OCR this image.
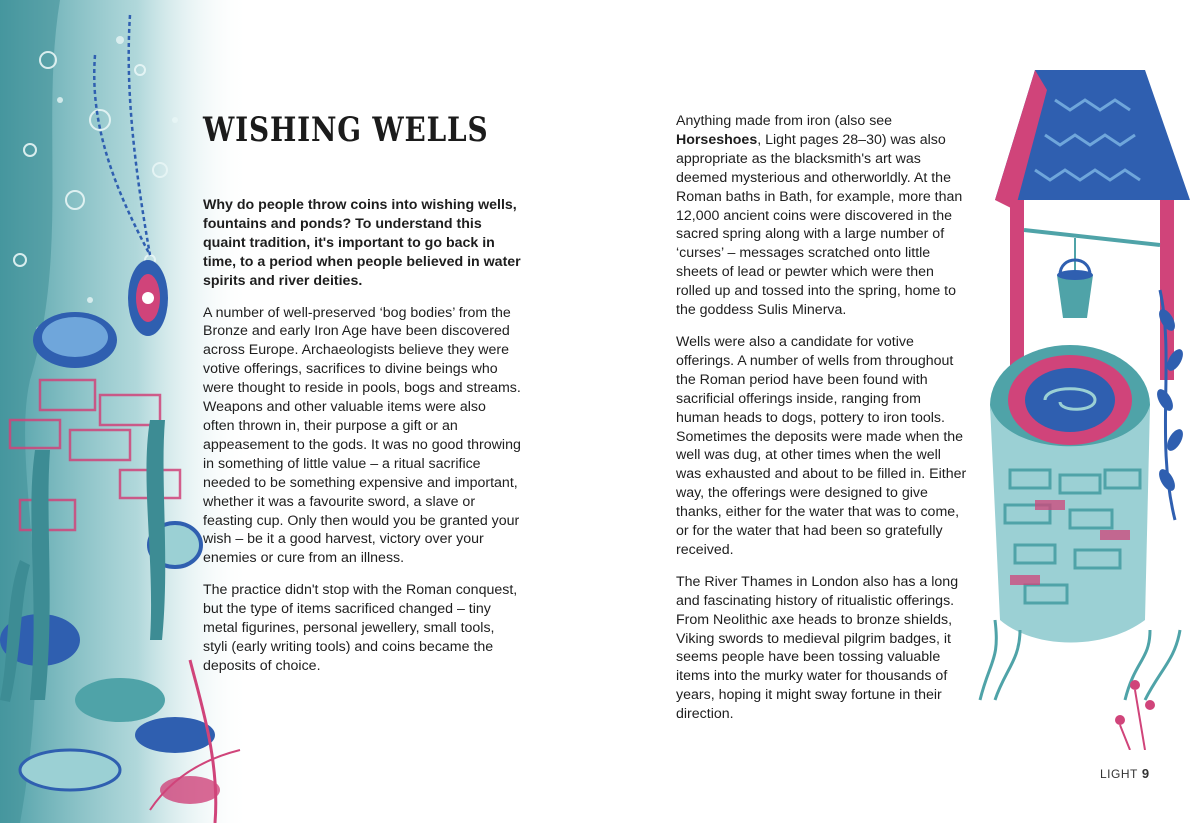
WISHING WELLS

Why do people throw coins into wishing wells, fountains and ponds? To understand this quaint tradition, it's important to go back in time, to a period when people believed in water spirits and river deities.

A number of well-preserved ‘bog bodies’ from the Bronze and early Iron Age have been discovered across Europe. Archaeologists believe they were votive offerings, sacrifices to divine beings who were thought to reside in pools, bogs and streams. Weapons and other valuable items were also often thrown in, their purpose a gift or an appeasement to the gods. It was no good throwing in something of little value – a ritual sacrifice needed to be something expensive and important, whether it was a favourite sword, a slave or feasting cup. Only then would you be granted your wish – be it a good harvest, victory over your enemies or cure from an illness.

The practice didn't stop with the Roman conquest, but the type of items sacrificed changed – tiny metal figurines, personal jewellery, small tools, styli (early writing tools) and coins became the deposits of choice.

Anything made from iron (also see Horseshoes, Light pages 28–30) was also appropriate as the blacksmith's art was deemed mysterious and otherworldly. At the Roman baths in Bath, for example, more than 12,000 ancient coins were discovered in the sacred spring along with a large number of ‘curses’ – messages scratched onto little sheets of lead or pewter which were then rolled up and tossed into the spring, home to the goddess Sulis Minerva.

Wells were also a candidate for votive offerings. A number of wells from throughout the Roman period have been found with sacrificial offerings inside, ranging from human heads to dogs, pottery to iron tools. Sometimes the deposits were made when the well was dug, at other times when the well was exhausted and about to be filled in. Either way, the offerings were designed to give thanks, either for the water that was to come, or for the water that had been so gratefully received.

The River Thames in London also has a long and fascinating history of ritualistic offerings. From Neolithic axe heads to bronze shields, Viking swords to medieval pilgrim badges, it seems people have been tossing valuable items into the murky water for thousands of years, hoping it might sway fortune in their direction.

LIGHT 9
